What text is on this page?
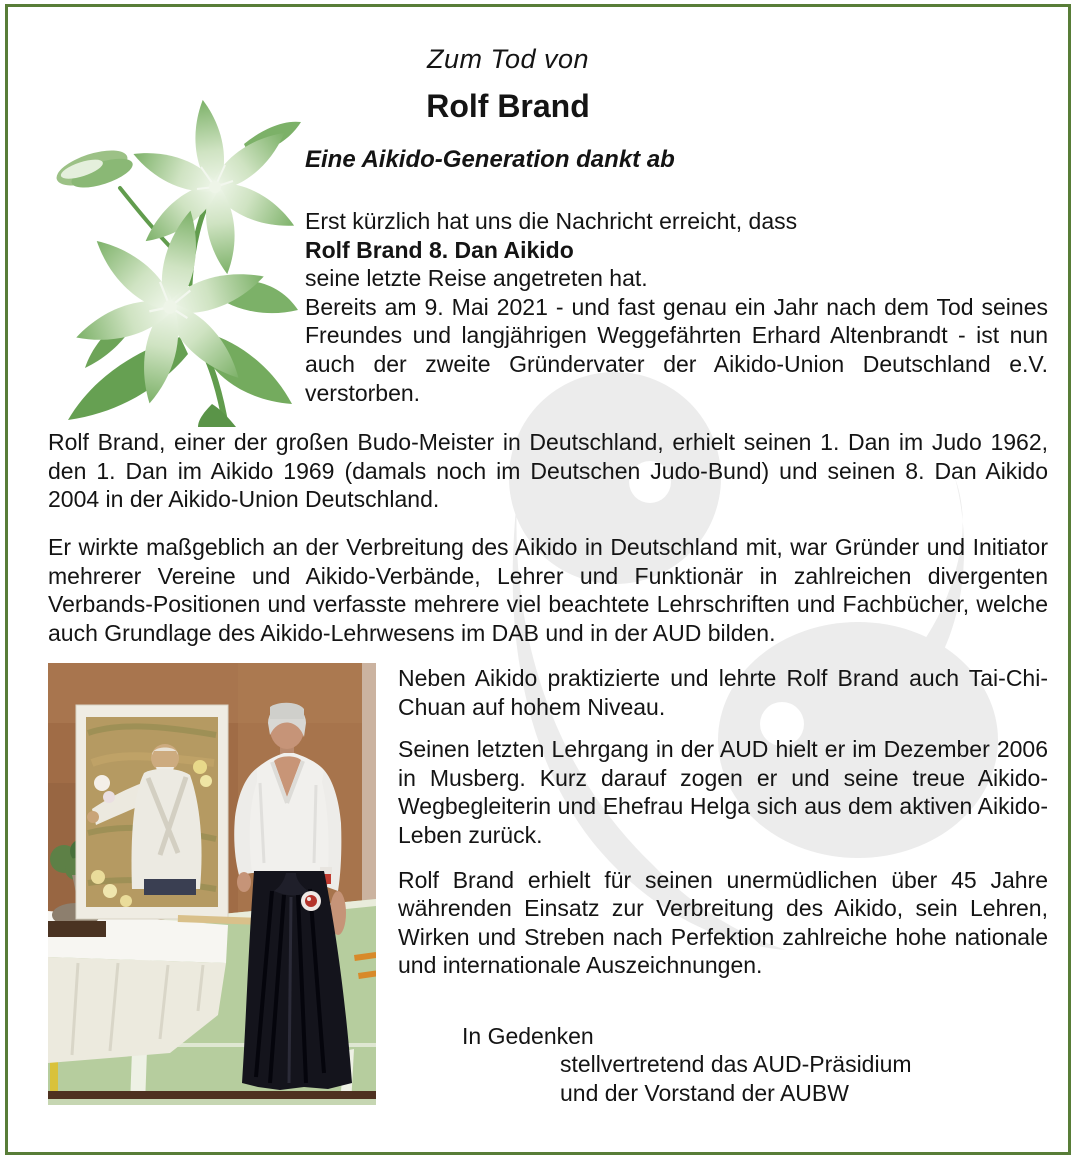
Zum Tod von
Rolf Brand
Eine Aikido-Generation dankt ab

Erst kürzlich hat uns die Nachricht erreicht, dass

Rolf Brand 8. Dan Aikido

seine letzte Reise angetreten hat.

Bereits am 9. Mai 2021 - und fast genau ein Jahr nach dem Tod seines Freundes und langjährigen Weggefährten Erhard Altenbrandt - ist nun auch der zweite Gründervater der Aikido-Union Deutschland e.V. verstorben.

Rolf Brand, einer der großen Budo-Meister in Deutschland, erhielt seinen 1. Dan im Judo 1962, den 1. Dan im Aikido 1969 (damals noch im Deutschen Judo-Bund) und seinen 8. Dan Aikido 2004 in der Aikido-Union Deutschland.

Er wirkte maßgeblich an der Verbreitung des Aikido in Deutschland mit, war Gründer und Initiator mehrerer Vereine und Aikido-Verbände, Lehrer und Funktionär in zahlreichen divergenten Verbands-Positionen und verfasste mehrere viel beachtete Lehrschriften und Fachbücher, welche auch Grundlage des Aikido-Lehrwesens im DAB und in der AUD bilden.

Neben Aikido praktizierte und lehrte Rolf Brand auch Tai-Chi-Chuan auf hohem Niveau.

Seinen letzten Lehrgang in der AUD hielt er im Dezember 2006 in Musberg. Kurz darauf zogen er und seine treue Aikido-Wegbegleiterin und Ehefrau Helga sich aus dem aktiven Aikido-Leben zurück.

Rolf Brand erhielt für seinen unermüdlichen über 45 Jahre währenden Einsatz zur Verbreitung des Aikido, sein Lehren, Wirken und Streben nach Perfektion zahlreiche hohe nationale und internationale Auszeichnungen.

In Gedenken

stellvertretend das AUD-Präsidium

und der Vorstand der AUBW
